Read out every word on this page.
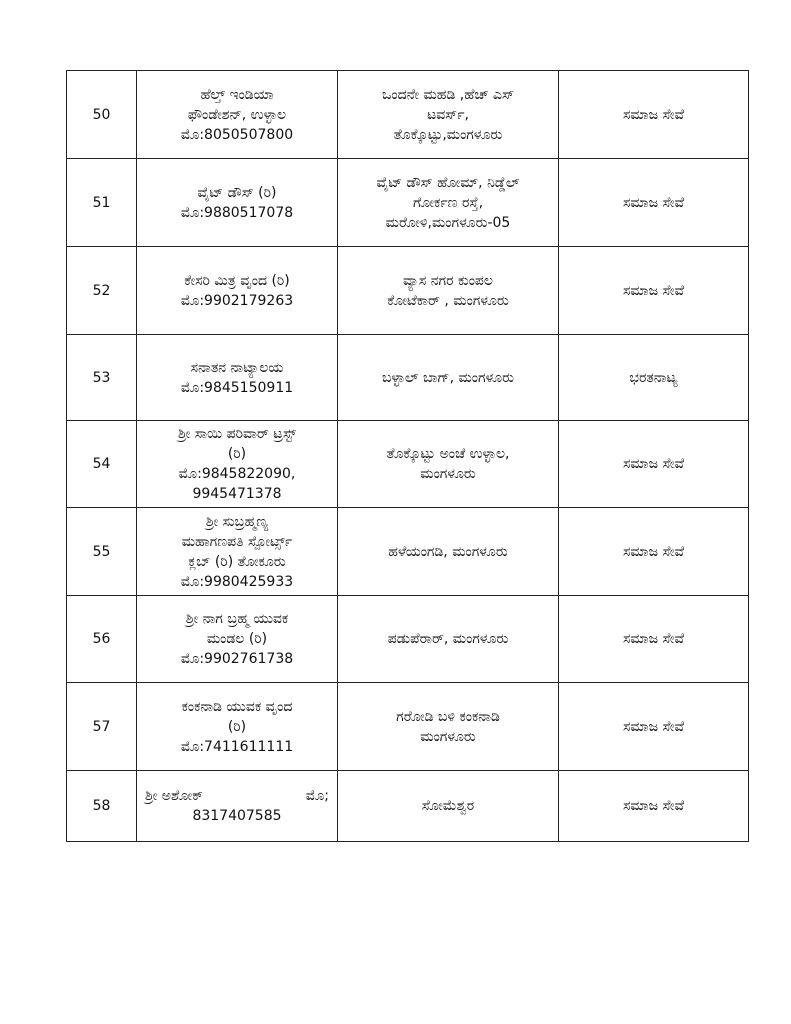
50	ಹೆಲ್ತ್ ಇಂಡಿಯಾ
ಫೌಂಡೇಶನ್, ಉಳ್ಳಾಲ
ಮೊ:8050507800	ಒಂದನೇ ಮಹಡಿ ,ಹೆಚ್ ಎಸ್
ಟವರ್ಸ್,
ತೊಕ್ಕೊಟ್ಟು,ಮಂಗಳೂರು	ಸಮಾಜ ಸೇವೆ
51	ವೈಟ್ ಡೌಸ್ (ರಿ)
ಮೊ:9880517078	ವೈಟ್ ಡೌಸ್ ಹೋಮ್, ನಿಡ್ಡೆಲ್
ಗೋರ್ಕಣ ರಸ್ತೆ,
ಮರೋಳಿ,ಮಂಗಳೂರು-05	ಸಮಾಜ ಸೇವೆ
52	ಕೇಸರಿ ಮಿತ್ರ ವೃಂದ (ರಿ)
ಮೊ:9902179263	ವ್ಯಾಸ ನಗರ ಕುಂಪಲ
ಕೋಟೆಕಾರ್ , ಮಂಗಳೂರು	ಸಮಾಜ ಸೇವೆ
53	ಸನಾತನ ನಾಟ್ಯಾಲಯ
ಮೊ:9845150911	ಬಳ್ಳಾಲ್ ಬಾಗ್, ಮಂಗಳೂರು	ಭರತನಾಟ್ಯ
54	ಶ್ರೀ ಸಾಯಿ ಪರಿವಾರ್ ಟ್ರಸ್ಟ್
(ರಿ)
ಮೊ:9845822090,
9945471378	ತೊಕ್ಕೊಟ್ಟು ಅಂಚೆ ಉಳ್ಳಾಲ,
ಮಂಗಳೂರು	ಸಮಾಜ ಸೇವೆ
55	ಶ್ರೀ ಸುಬ್ರಹ್ಮಣ್ಯ
ಮಹಾಗಣಪತಿ ಸ್ಪೋರ್ಟ್ಸ್
ಕ್ಲಬ್ (ರಿ) ತೋಕೂರು
ಮೊ:9980425933	ಹಳೆಯಂಗಡಿ, ಮಂಗಳೂರು	ಸಮಾಜ ಸೇವೆ
56	ಶ್ರೀ ನಾಗ ಬ್ರಹ್ಮ ಯುವಕ
ಮಂಡಲ (ರಿ)
ಮೊ:9902761738	ಪಡುಪೆರಾರ್, ಮಂಗಳೂರು	ಸಮಾಜ ಸೇವೆ
57	ಕಂಕನಾಡಿ ಯುವಕ ವೃಂದ
(ರಿ)
ಮೊ:7411611111	ಗರೋಡಿ ಬಳಿ ಕಂಕನಾಡಿ
ಮಂಗಳೂರು	ಸಮಾಜ ಸೇವೆ
58	ಶ್ರೀ ಅಶೋಕ್ ಮೊ;
8317407585	ಸೋಮೆಶ್ವರ	ಸಮಾಜ ಸೇವೆ
